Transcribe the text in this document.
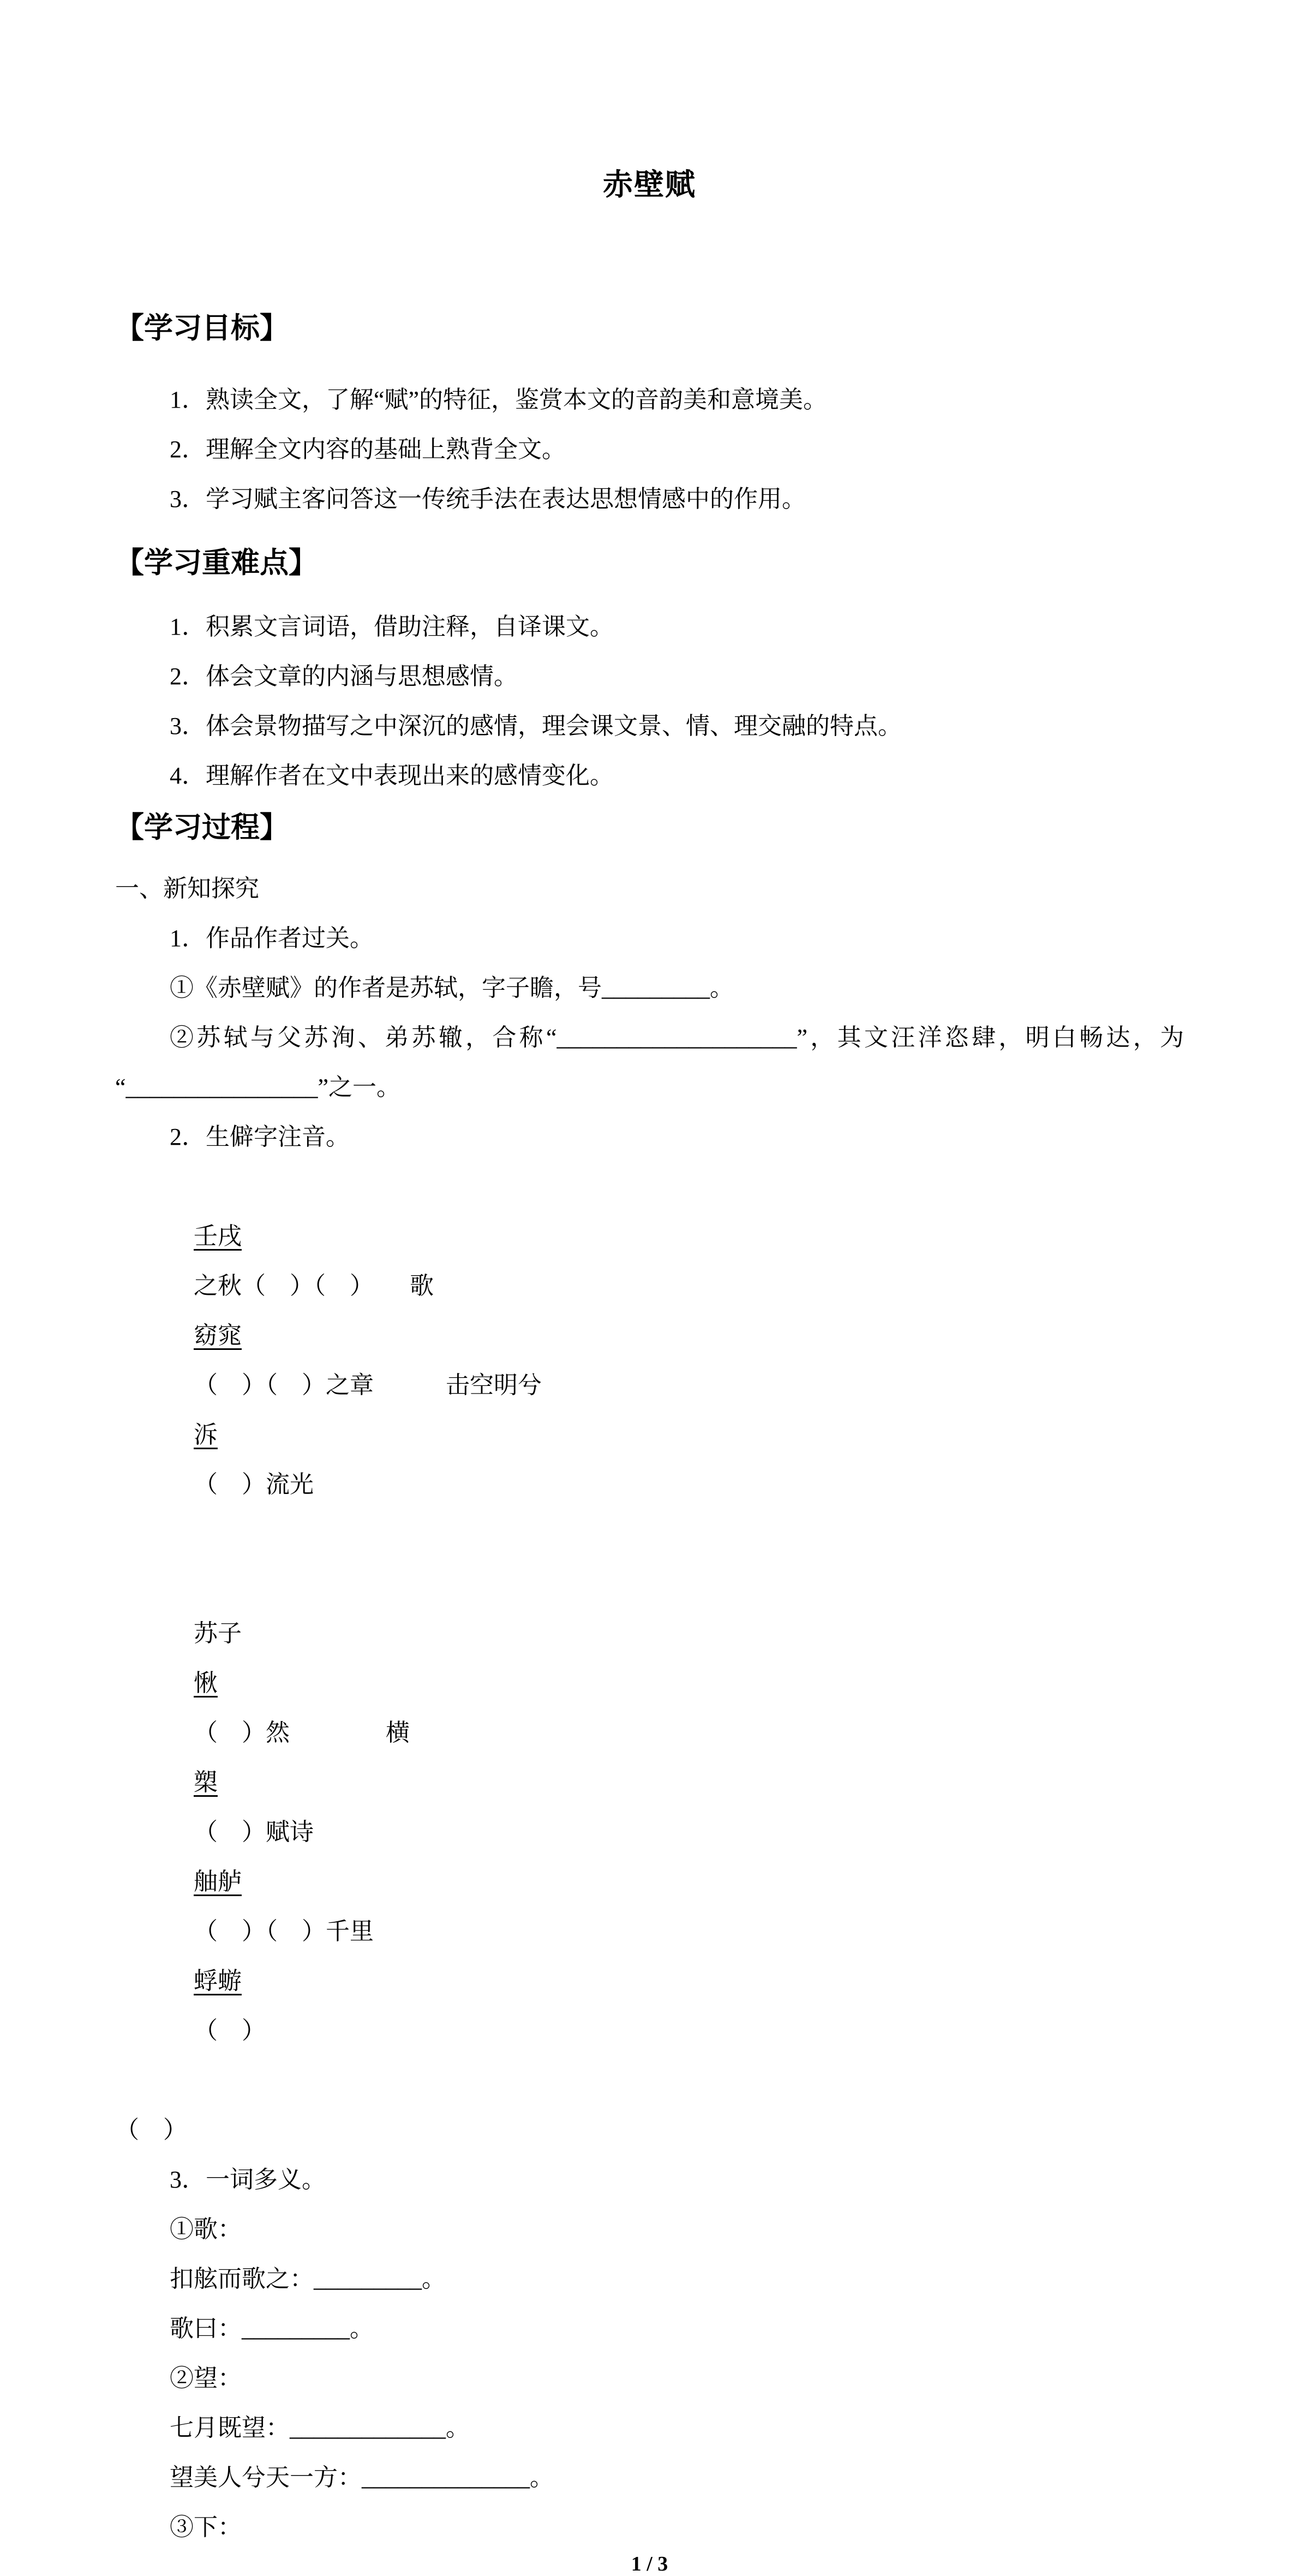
赤壁赋
【学习目标】

1．熟读全文，了解“赋”的特征，鉴赏本文的音韵美和意境美。

2．理解全文内容的基础上熟背全文。

3．学习赋主客问答这一传统手法在表达思想情感中的作用。

【学习重难点】

1．积累文言词语，借助注释，自译课文。

2．体会文章的内涵与思想感情。

3．体会景物描写之中深沉的感情，理会课文景、情、理交融的特点。

4．理解作者在文中表现出来的感情变化。

【学习过程】

一、新知探究

1．作品作者过关。

①《赤壁赋》的作者是苏轼，字子瞻，号_________。

②苏轼与父苏洵、弟苏辙，合称“____________________”，其文汪洋恣肆，明白畅达，为

“________________”之一。

2．生僻字注音。

壬戌
之秋（　）（　）　　歌
窈窕
（　）（　）之章　　　击空明兮
泝
（　）流光

苏子
愀
（　）然　　　　横
槊
（　）赋诗　　　　
舳舻
（　）（　）千里　　　　
蜉蝣
（　）

（　）

3．一词多义。

①歌：

扣舷而歌之：_________。

歌曰：_________。

②望：

七月既望：_____________。

望美人兮天一方：______________。

③下：

1 / 3
